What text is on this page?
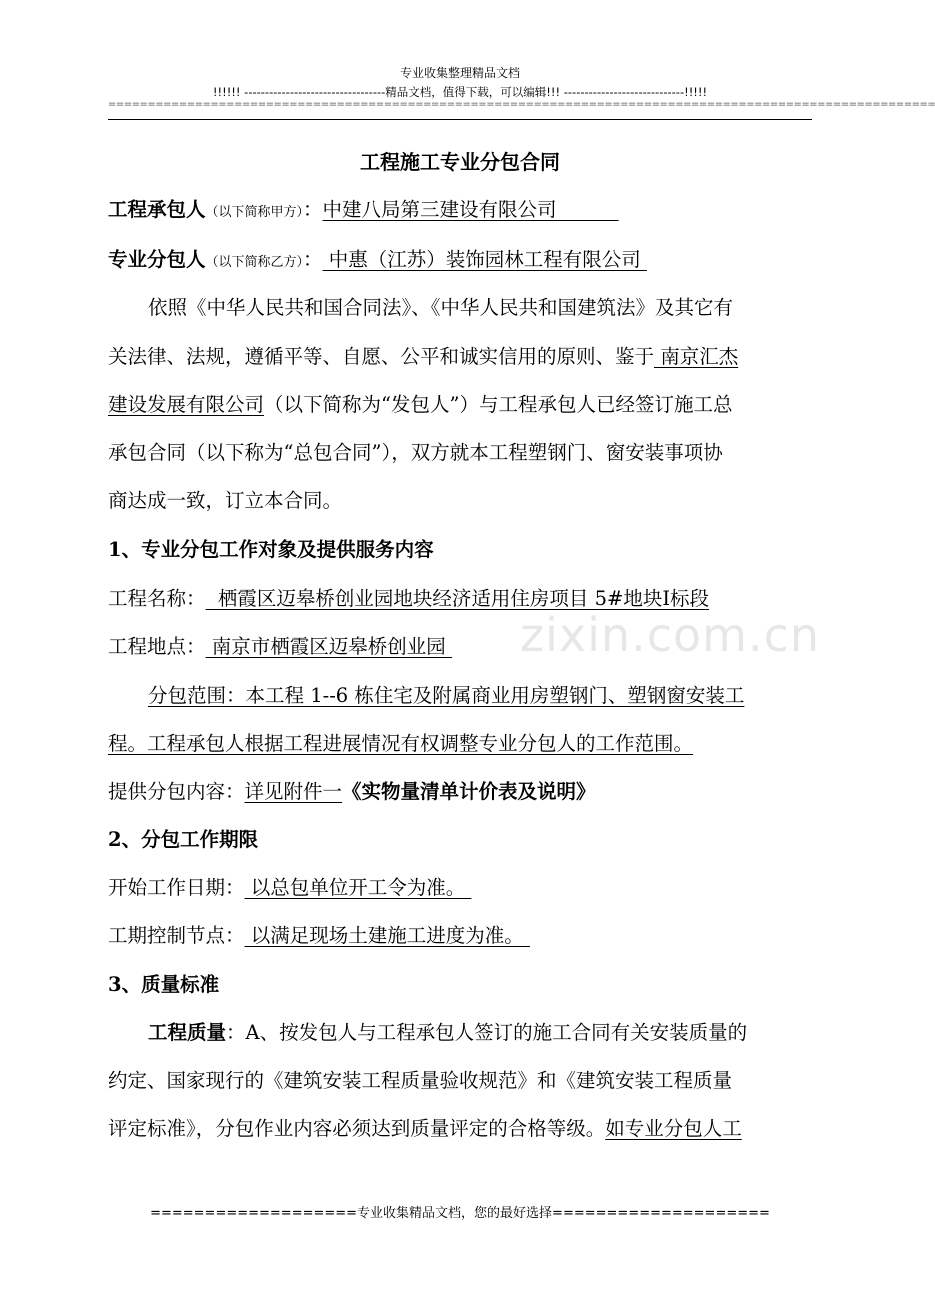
专业收集整理精品文档
!!!!!! ----------------------------------精品文档，值得下载，可以编辑!!! -----------------------------!!!!!
=========================================================================================================
zixin.com.cn
工程施工专业分包合同
工程承包人（以下简称甲方）：中建八局第三建设有限公司
专业分包人（以下简称乙方）： 中惠（江苏）装饰园林工程有限公司
依照《中华人民共和国合同法》、《中华人民共和国建筑法》及其它有
关法律、法规，遵循平等、自愿、公平和诚实信用的原则、鉴于 南京汇杰
建设发展有限公司（以下简称为“发包人”）与工程承包人已经签订施工总
承包合同（以下称为“总包合同”），双方就本工程塑钢门、窗安装事项协
商达成一致，订立本合同。
1、专业分包工作对象及提供服务内容
工程名称：  栖霞区迈皋桥创业园地块经济适用住房项目 5#地块Ⅰ标段
工程地点： 南京市栖霞区迈皋桥创业园
分包范围：本工程 1--6 栋住宅及附属商业用房塑钢门、塑钢窗安装工
程。工程承包人根据工程进展情况有权调整专业分包人的工作范围。
提供分包内容：详见附件一《实物量清单计价表及说明》
2、分包工作期限
开始工作日期： 以总包单位开工令为准。
工期控制节点： 以满足现场土建施工进度为准。
3、质量标准
工程质量：A、按发包人与工程承包人签订的施工合同有关安装质量的
约定、国家现行的《建筑安装工程质量验收规范》和《建筑安装工程质量
评定标准》，分包作业内容必须达到质量评定的合格等级。如专业分包人工
===================专业收集精品文档，您的最好选择====================
